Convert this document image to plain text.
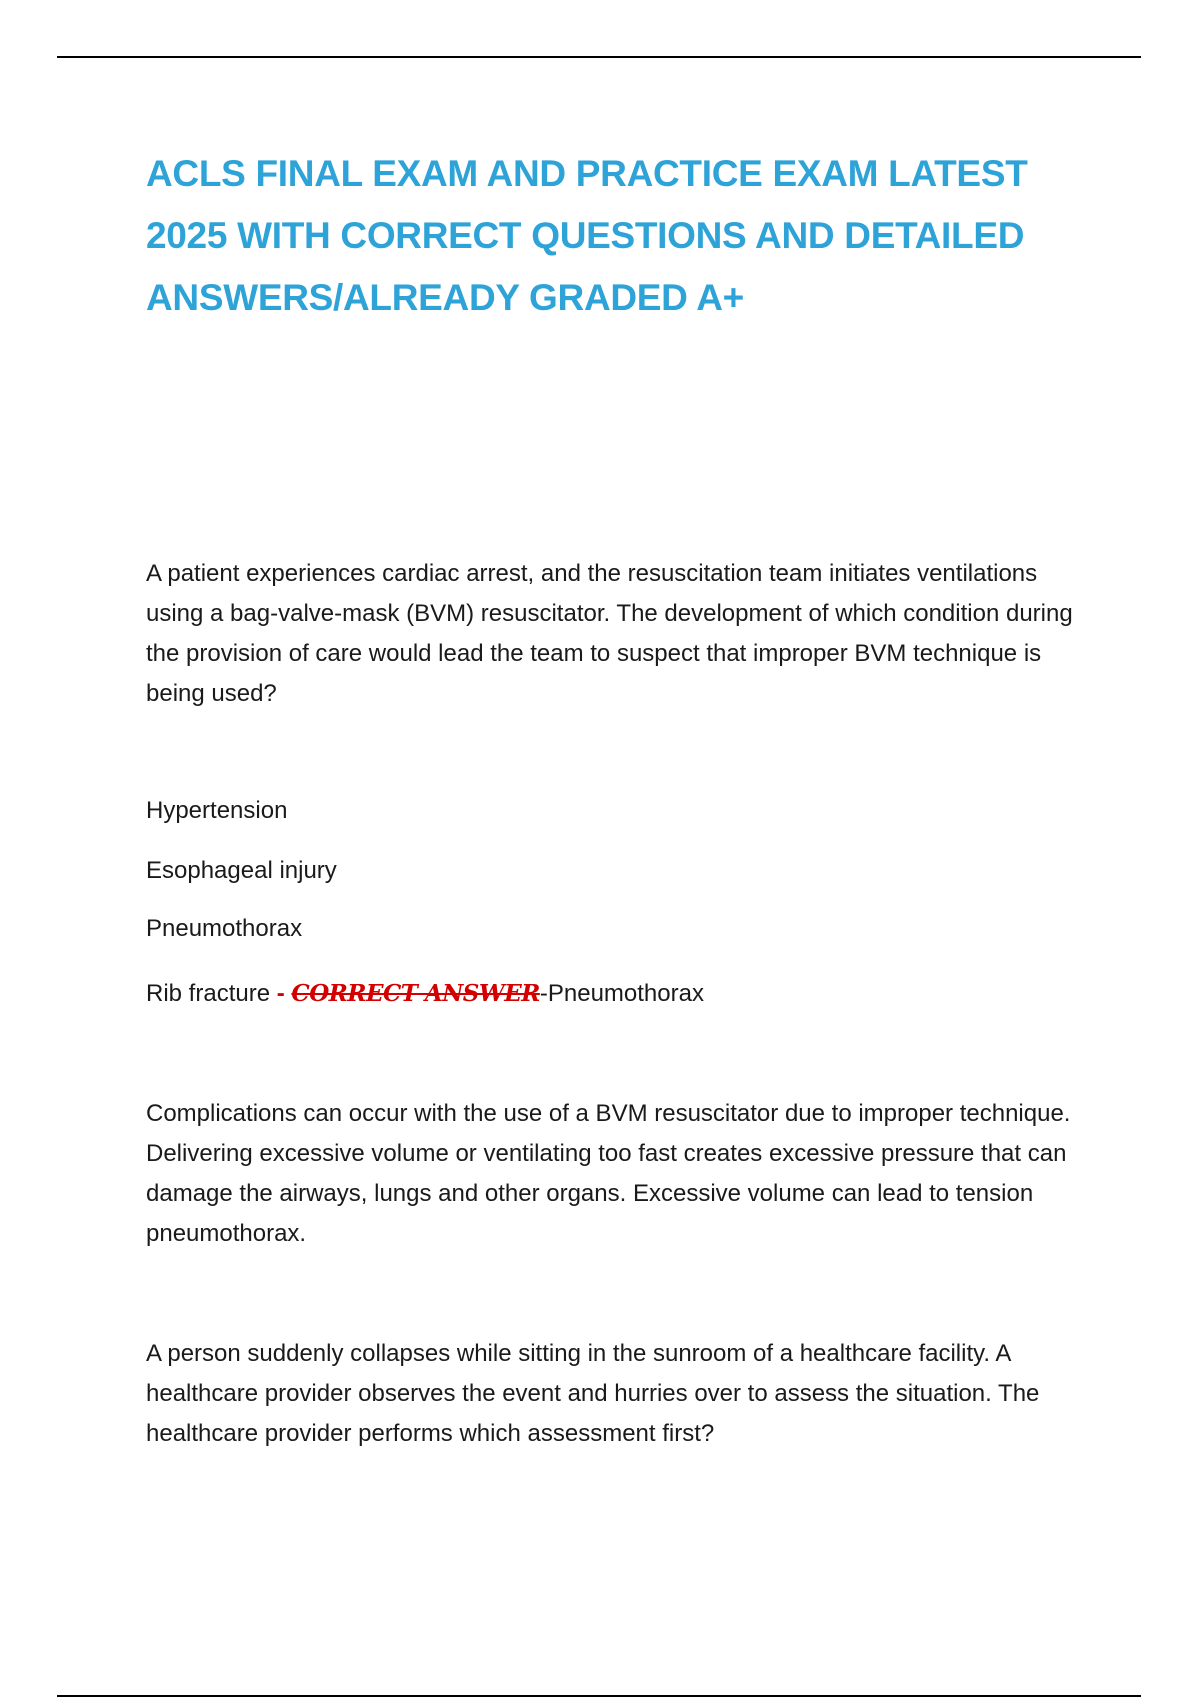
ACLS FINAL EXAM AND PRACTICE EXAM LATEST 2025 WITH CORRECT QUESTIONS AND DETAILED ANSWERS/ALREADY GRADED A+

A patient experiences cardiac arrest, and the resuscitation team initiates ventilations using a bag-valve-mask (BVM) resuscitator. The development of which condition during the provision of care would lead the team to suspect that improper BVM technique is being used?

Hypertension

Esophageal injury

Pneumothorax

Rib fracture - CORRECT ANSWER-Pneumothorax

Complications can occur with the use of a BVM resuscitator due to improper technique. Delivering excessive volume or ventilating too fast creates excessive pressure that can damage the airways, lungs and other organs. Excessive volume can lead to tension pneumothorax.

A person suddenly collapses while sitting in the sunroom of a healthcare facility. A healthcare provider observes the event and hurries over to assess the situation. The healthcare provider performs which assessment first?
